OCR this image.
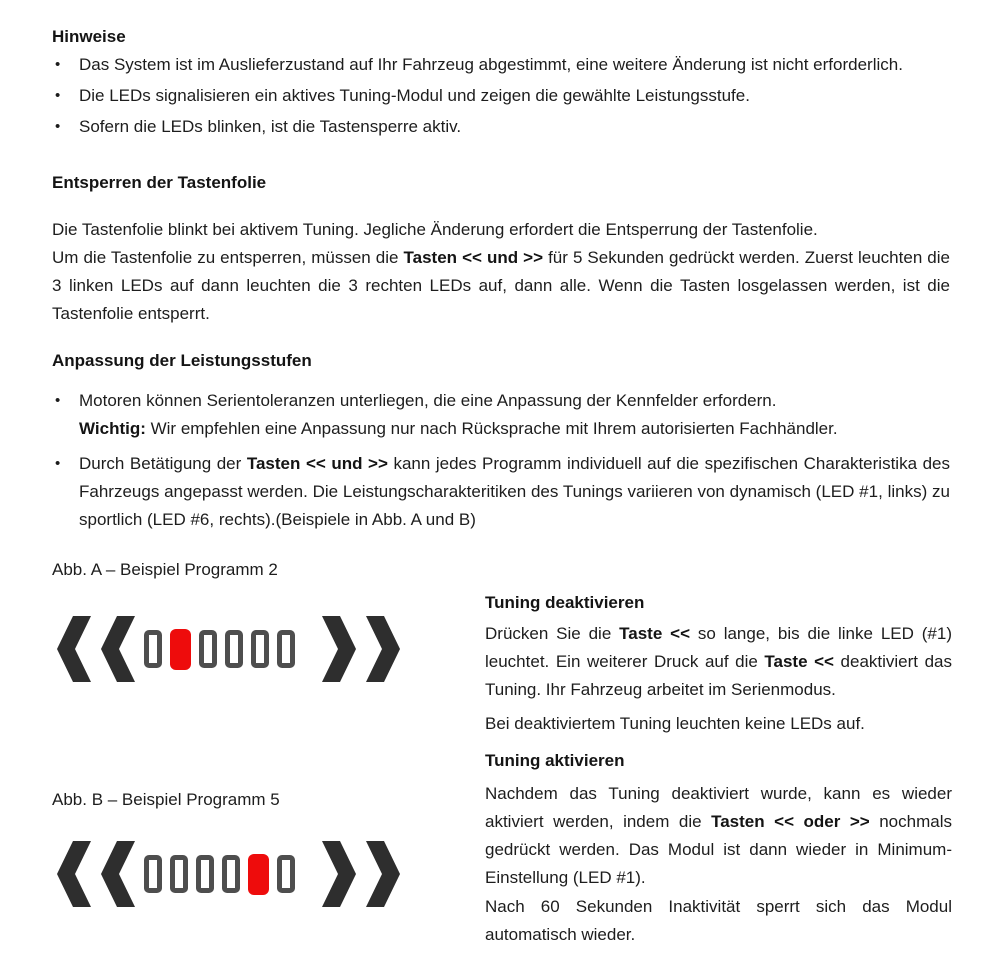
Hinweise
• Das System ist im Auslieferzustand auf Ihr Fahrzeug abgestimmt, eine weitere Änderung ist nicht erforderlich.
• Die LEDs signalisieren ein aktives Tuning-Modul und zeigen die gewählte Leistungsstufe.
• Sofern die LEDs blinken, ist die Tastensperre aktiv.
Entsperren der Tastenfolie

Die Tastenfolie blinkt bei aktivem Tuning. Jegliche Änderung erfordert die Entsperrung der Tastenfolie.

Um die Tastenfolie zu entsperren, müssen die Tasten << und >> für 5 Sekunden gedrückt werden. Zuerst leuchten die 3 linken LEDs auf dann leuchten die 3 rechten LEDs auf, dann alle. Wenn die Tasten losgelassen werden, ist die Tastenfolie entsperrt.

Anpassung der Leistungsstufen
• Motoren können Serientoleranzen unterliegen, die eine Anpassung der Kennfelder erfordern.
Wichtig: Wir empfehlen eine Anpassung nur nach Rücksprache mit Ihrem autorisierten Fachhändler.
• Durch Betätigung der Tasten << und >> kann jedes Programm individuell auf die spezifischen Charakteristika des Fahrzeugs angepasst werden. Die Leistungscharakteritiken des Tunings variieren von dynamisch (LED #1, links) zu sportlich (LED #6, rechts).(Beispiele in Abb. A und B)
Abb. A – Beispiel Programm 2
Tuning deaktivieren

Drücken Sie die Taste << so lange, bis die linke LED (#1) leuchtet. Ein weiterer Druck auf die Taste << deaktiviert das Tuning. Ihr Fahrzeug arbeitet im Serienmodus.

Bei deaktiviertem Tuning leuchten keine LEDs auf.

Tuning aktivieren

Nachdem das Tuning deaktiviert wurde, kann es wieder aktiviert werden, indem die Tasten << oder >> nochmals gedrückt werden. Das Modul ist dann wieder in Minimum-Einstellung (LED #1).

Nach 60 Sekunden Inaktivität sperrt sich das Modul automatisch wieder.

Abb. B – Beispiel Programm 5
